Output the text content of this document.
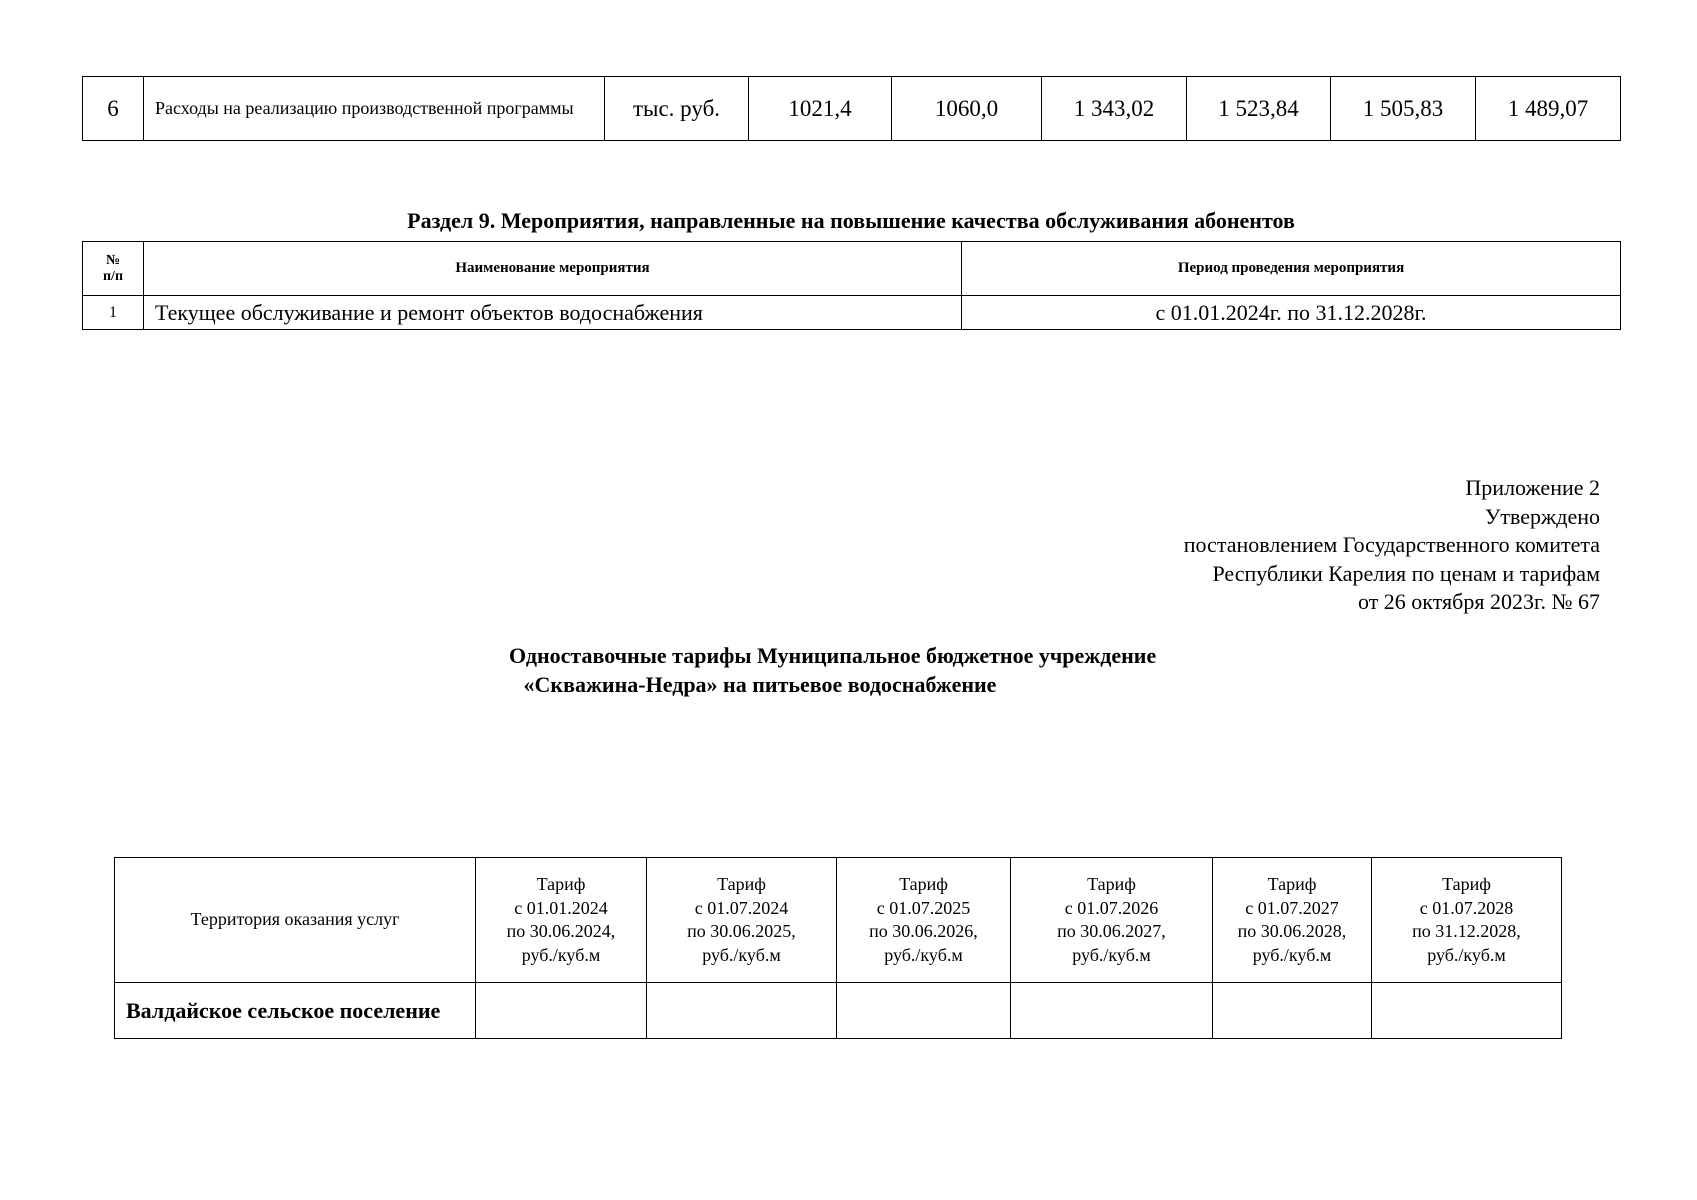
6	Расходы на реализацию производственной программы	тыс. руб.	1021,4	1060,0	1 343,02	1 523,84	1 505,83	1 489,07
Раздел 9. Мероприятия, направленные на повышение качества обслуживания абонентов
№
п/п	Наименование мероприятия	Период проведения мероприятия
1	Текущее обслуживание и ремонт объектов водоснабжения	с 01.01.2024г. по 31.12.2028г.
Приложение 2
Утверждено
постановлением Государственного комитета
Республики Карелия по ценам и тарифам
от 26 октября 2023г. № 67
Одноставочные тарифы Муниципальное бюджетное учреждение
«Скважина-Недра» на питьевое водоснабжение
Территория оказания услуг	Тариф
с 01.01.2024
по 30.06.2024,
руб./куб.м	Тариф
с 01.07.2024
по 30.06.2025,
руб./куб.м	Тариф
с 01.07.2025
по 30.06.2026,
руб./куб.м	Тариф
с 01.07.2026
по 30.06.2027,
руб./куб.м	Тариф
с 01.07.2027
по 30.06.2028,
руб./куб.м	Тариф
с 01.07.2028
по 31.12.2028,
руб./куб.м

Валдайское сельское поселение						
